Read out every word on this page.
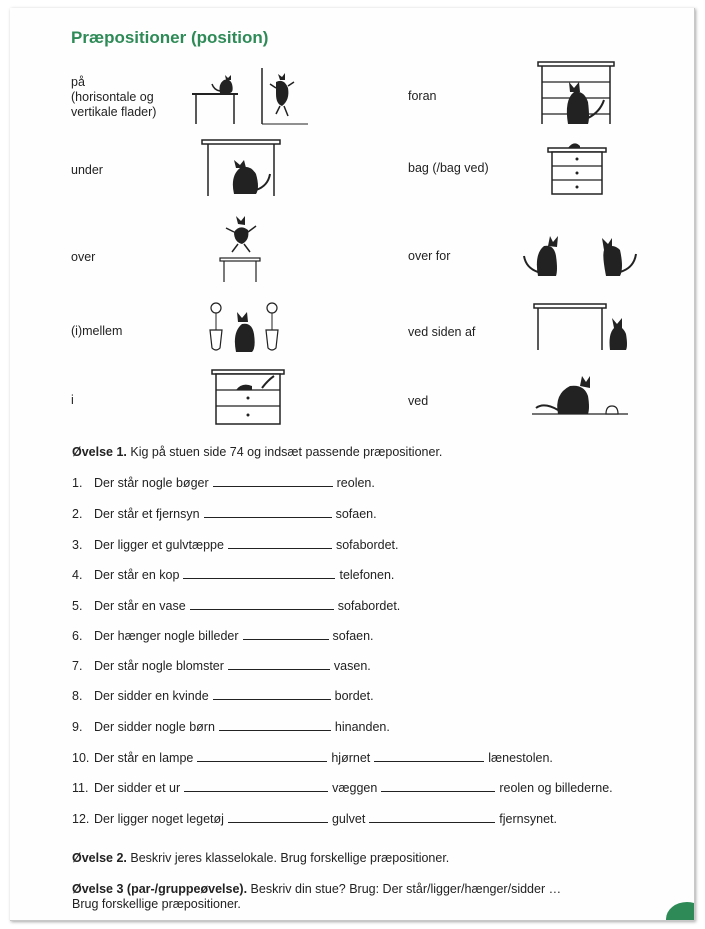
Præpositioner (position)
på
(horisontale og
vertikale flader)
under
over
(i)mellem
i
foran
bag (/bag ved)
over for
ved siden af
ved
Øvelse 1. Kig på stuen side 74 og indsæt passende præpositioner.
1. Der står nogle bøger	reolen.
2. Der står et fjernsyn	sofaen.
3. Der ligger et gulvtæppe	sofabordet.
4. Der står en kop	telefonen.
5. Der står en vase	sofabordet.
6. Der hænger nogle billeder	sofaen.
7. Der står nogle blomster	vasen.
8. Der sidder en kvinde	bordet.
9. Der sidder nogle børn	hinanden.
10. Der står en lampe	hjørnet	lænestolen.
11. Der sidder et ur	væggen	reolen og billederne.
12. Der ligger noget legetøj	gulvet	fjernsynet.
Øvelse 2. Beskriv jeres klasselokale. Brug forskellige præpositioner.
Øvelse 3 (par-/gruppeøvelse). Beskriv din stue? Brug: Der står/ligger/hænger/sidder …
Brug forskellige præpositioner.
